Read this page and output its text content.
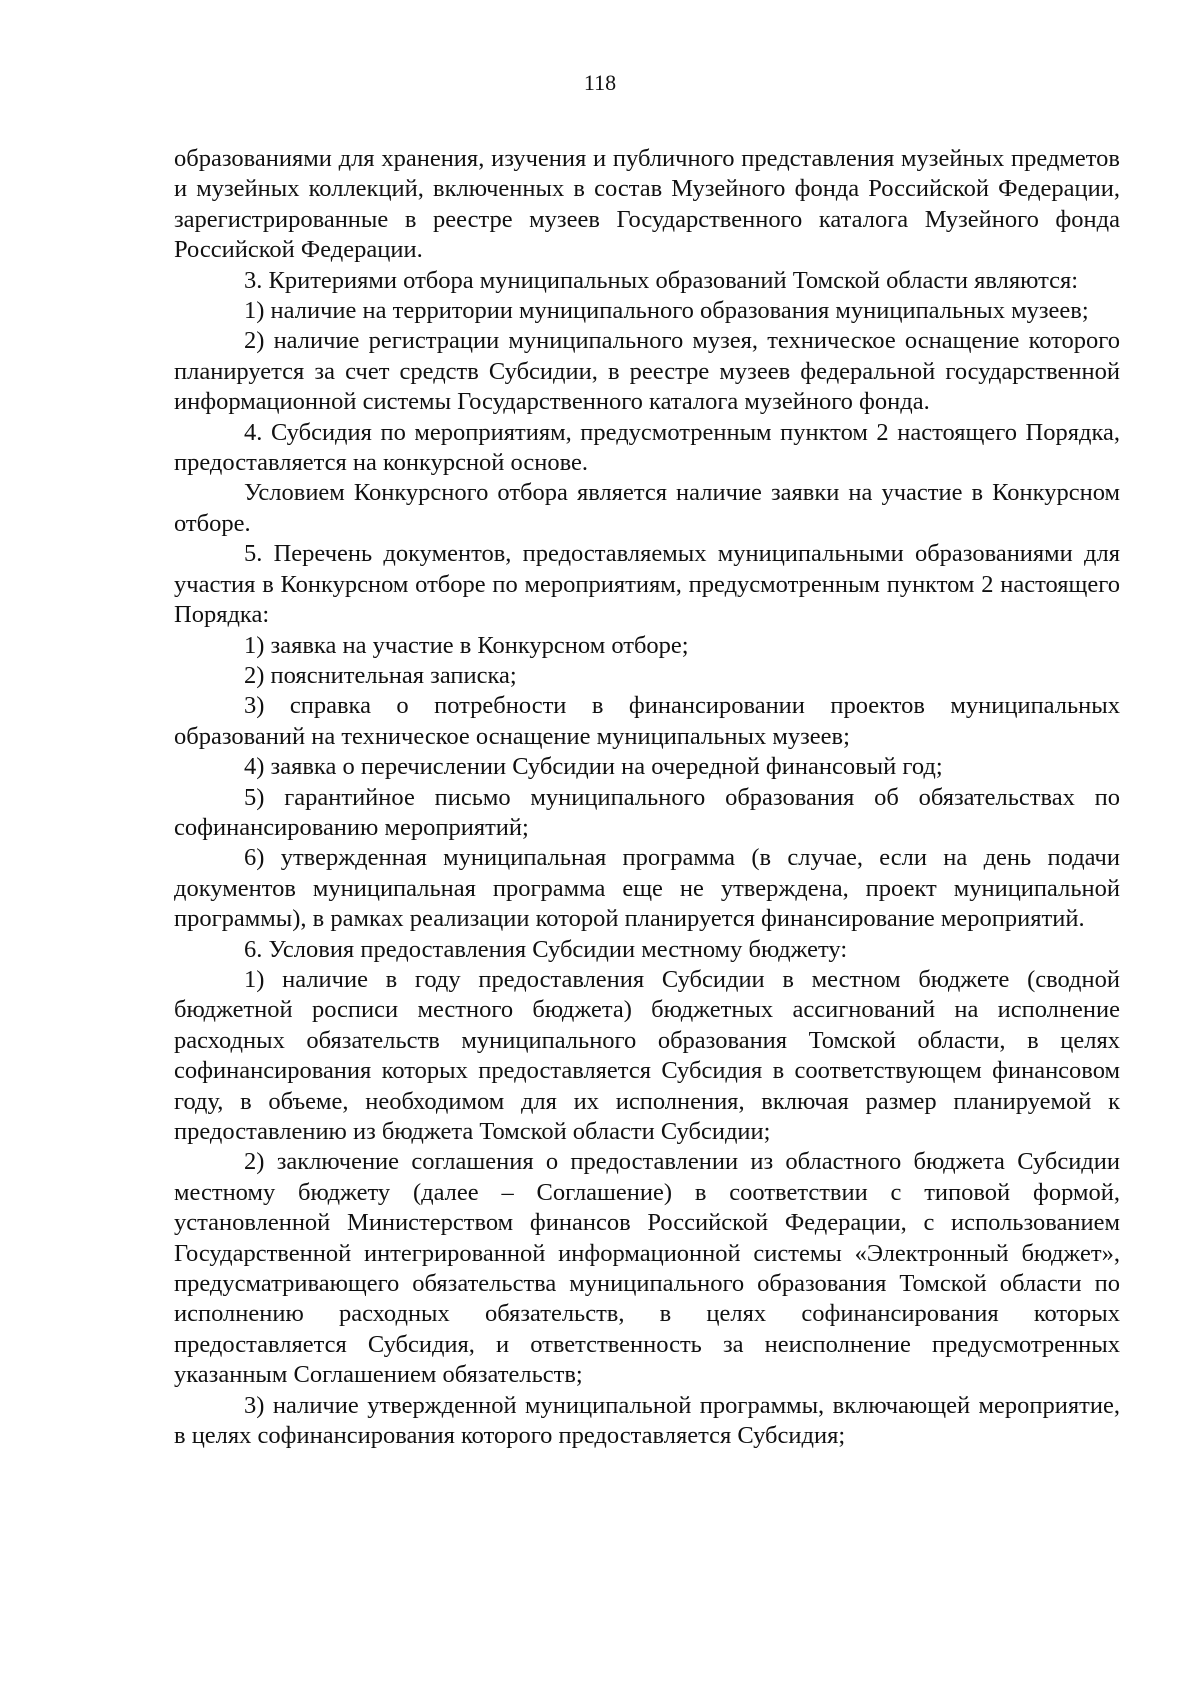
118

образованиями для хранения, изучения и публичного представления музейных предметов и музейных коллекций, включенных в состав Музейного фонда Российской Федерации, зарегистрированные в реестре музеев Государственного каталога Музейного фонда Российской Федерации.

3. Критериями отбора муниципальных образований Томской области являются:

1) наличие на территории муниципального образования муниципальных музеев;

2) наличие регистрации муниципального музея, техническое оснащение которого планируется за счет средств Субсидии, в реестре музеев федеральной государственной информационной системы Государственного каталога музейного фонда.

4. Субсидия по мероприятиям, предусмотренным пунктом 2 настоящего Порядка, предоставляется на конкурсной основе.

Условием Конкурсного отбора является наличие заявки на участие в Конкурсном отборе.

5. Перечень документов, предоставляемых муниципальными образованиями для участия в Конкурсном отборе по мероприятиям, предусмотренным пунктом 2 настоящего Порядка:

1) заявка на участие в Конкурсном отборе;

2) пояснительная записка;

3) справка о потребности в финансировании проектов муниципальных образований на техническое оснащение муниципальных музеев;

4) заявка о перечислении Субсидии на очередной финансовый год;

5) гарантийное письмо муниципального образования об обязательствах по софинансированию мероприятий;

6) утвержденная муниципальная программа (в случае, если на день подачи документов муниципальная программа еще не утверждена, проект муниципальной программы), в рамках реализации которой планируется финансирование мероприятий.

6. Условия предоставления Субсидии местному бюджету:

1) наличие в году предоставления Субсидии в местном бюджете (сводной бюджетной росписи местного бюджета) бюджетных ассигнований на исполнение расходных обязательств муниципального образования Томской области, в целях софинансирования которых предоставляется Субсидия в соответствующем финансовом году, в объеме, необходимом для их исполнения, включая размер планируемой к предоставлению из бюджета Томской области Субсидии;

2) заключение соглашения о предоставлении из областного бюджета Субсидии местному бюджету (далее – Соглашение) в соответствии с типовой формой, установленной Министерством финансов Российской Федерации, с использованием Государственной интегрированной информационной системы «Электронный бюджет», предусматривающего обязательства муниципального образования Томской области по исполнению расходных обязательств, в целях софинансирования которых предоставляется Субсидия, и ответственность за неисполнение предусмотренных указанным Соглашением обязательств;

3) наличие утвержденной муниципальной программы, включающей мероприятие, в целях софинансирования которого предоставляется Субсидия;
